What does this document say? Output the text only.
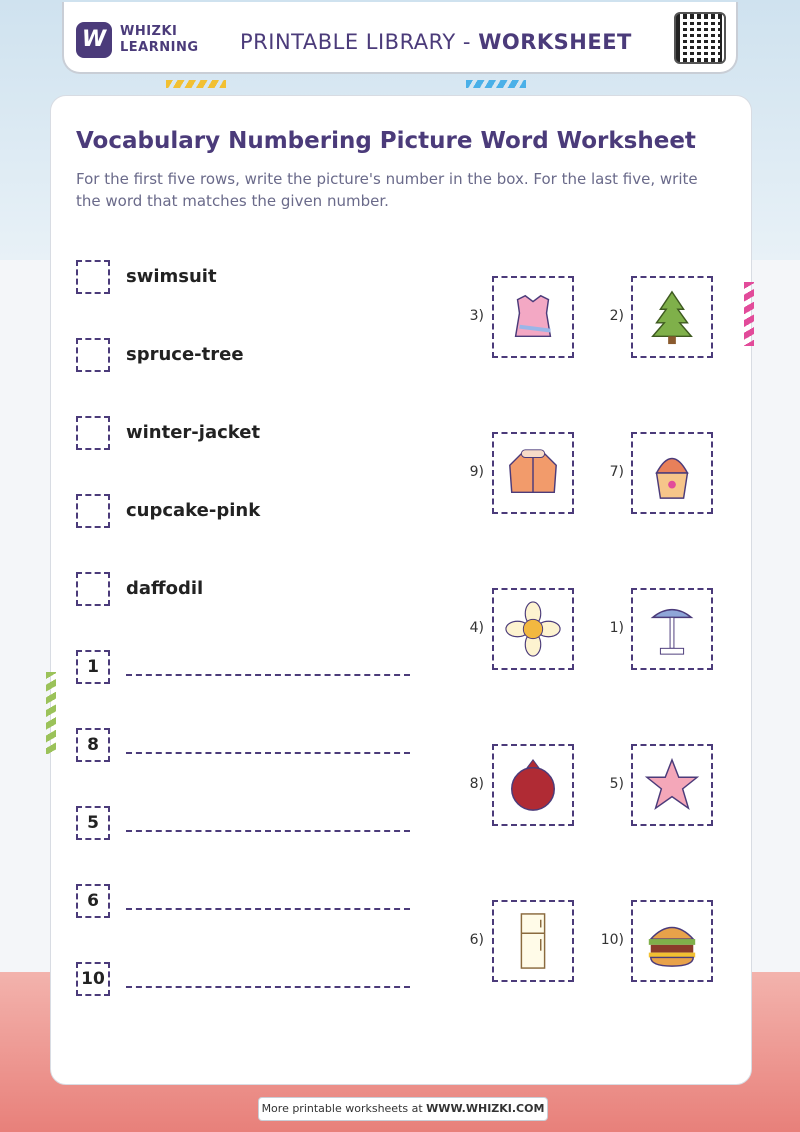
W	WHIZKI
LEARNING PRINTABLE LIBRARY - WORKSHEET
Vocabulary Numbering Picture Word Worksheet
For the first five rows, write the picture's number in the box. For the last five, write the word that matches the given number.
swimsuit
spruce-tree
winter-jacket
cupcake-pink
daffodil
1
8
5
6
10
3)	2)
9)	7)
4)	1)
8)	5)
6)	10)
More printable worksheets at WWW.WHIZKI.COM
